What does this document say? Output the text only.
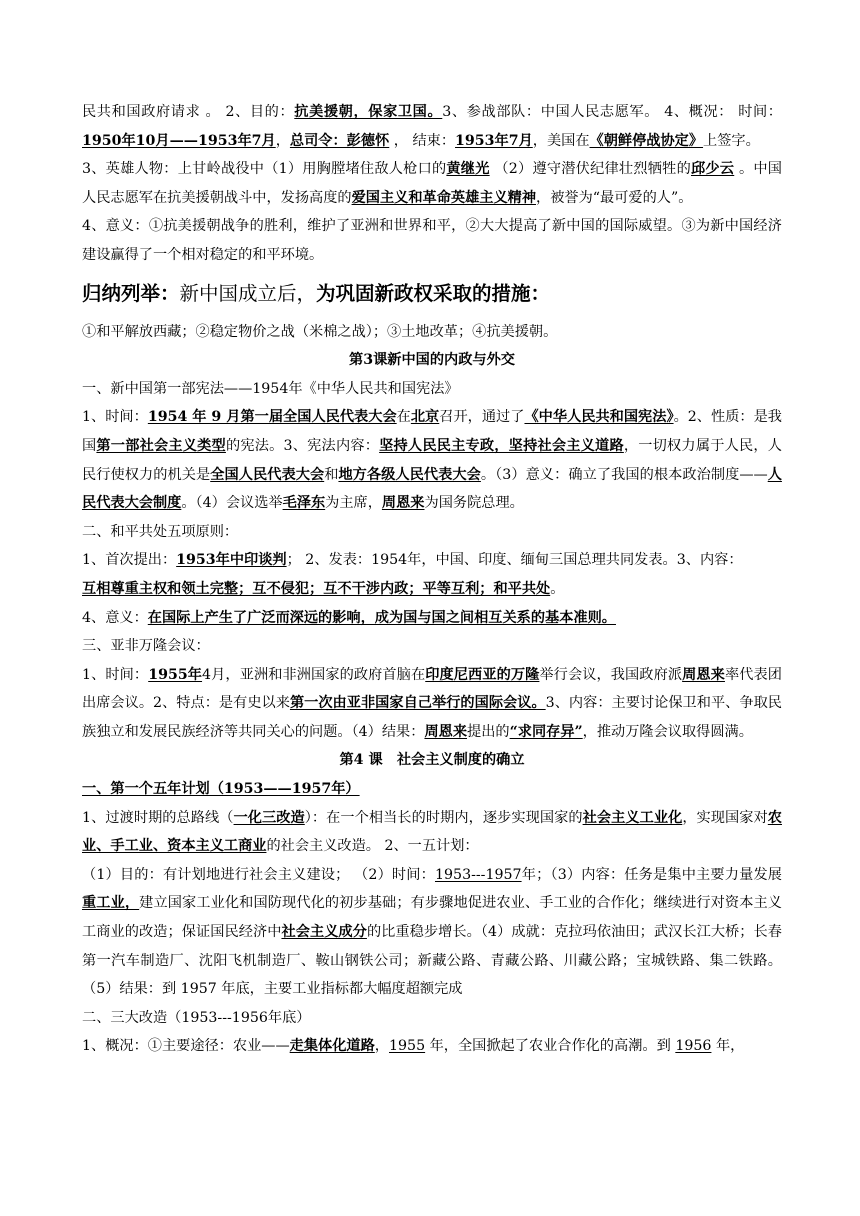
民共和国政府请求 。 2、目的：抗美援朝，保家卫国。3、参战部队：中国人民志愿军。 4、概况： 时间：1950年10月——1953年7月，总司令：彭德怀 ， 结束：1953年7月，美国在《朝鲜停战协定》上签字。

3、英雄人物：上甘岭战役中（1）用胸膛堵住敌人枪口的黄继光 （2）遵守潜伏纪律壮烈牺牲的邱少云 。中国人民志愿军在抗美援朝战斗中，发扬高度的爱国主义和革命英雄主义精神，被誉为“最可爱的人”。

4、意义：①抗美援朝战争的胜利，维护了亚洲和世界和平，②大大提高了新中国的国际威望。③为新中国经济建设赢得了一个相对稳定的和平环境。

归纳列举：新中国成立后，为巩固新政权采取的措施：

①和平解放西藏；②稳定物价之战（米棉之战）；③土地改革；④抗美援朝。

第3课新中国的内政与外交

一、新中国第一部宪法——1954年《中华人民共和国宪法》

1、时间：1954 年 9 月第一届全国人民代表大会在北京召开，通过了《中华人民共和国宪法》。2、性质：是我国第一部社会主义类型的宪法。3、宪法内容：坚持人民民主专政，坚持社会主义道路，一切权力属于人民，人民行使权力的机关是全国人民代表大会和地方各级人民代表大会。（3）意义：确立了我国的根本政治制度——人民代表大会制度。（4）会议选举毛泽东为主席，周恩来为国务院总理。

二、和平共处五项原则：

1、首次提出：1953年中印谈判； 2、发表：1954年，中国、印度、缅甸三国总理共同发表。3、内容：

互相尊重主权和领土完整；互不侵犯；互不干涉内政；平等互利；和平共处。

4、意义：在国际上产生了广泛而深远的影响，成为国与国之间相互关系的基本准则。

三、亚非万隆会议：

1、时间：1955年4月，亚洲和非洲国家的政府首脑在印度尼西亚的万隆举行会议，我国政府派周恩来率代表团出席会议。2、特点：是有史以来第一次由亚非国家自己举行的国际会议。3、内容：主要讨论保卫和平、争取民族独立和发展民族经济等共同关心的问题。（4）结果：周恩来提出的“求同存异”，推动万隆会议取得圆满。

第4 课　社会主义制度的确立

一、第一个五年计划（1953——1957年）

1、过渡时期的总路线（一化三改造）：在一个相当长的时期内，逐步实现国家的社会主义工业化，实现国家对农业、手工业、资本主义工商业的社会主义改造。 2、一五计划：

（1）目的：有计划地进行社会主义建设； （2）时间：1953---1957年；（3）内容：任务是集中主要力量发展重工业，建立国家工业化和国防现代化的初步基础；有步骤地促进农业、手工业的合作化；继续进行对资本主义工商业的改造；保证国民经济中社会主义成分的比重稳步增长。（4）成就：克拉玛依油田；武汉长江大桥；长春第一汽车制造厂、沈阳飞机制造厂、鞍山钢铁公司；新藏公路、青藏公路、川藏公路；宝城铁路、集二铁路。（5）结果：到 1957 年底，主要工业指标都大幅度超额完成

二、三大改造（1953---1956年底）

1、概况：①主要途径：农业——走集体化道路，1955 年，全国掀起了农业合作化的高潮。到 1956 年，
